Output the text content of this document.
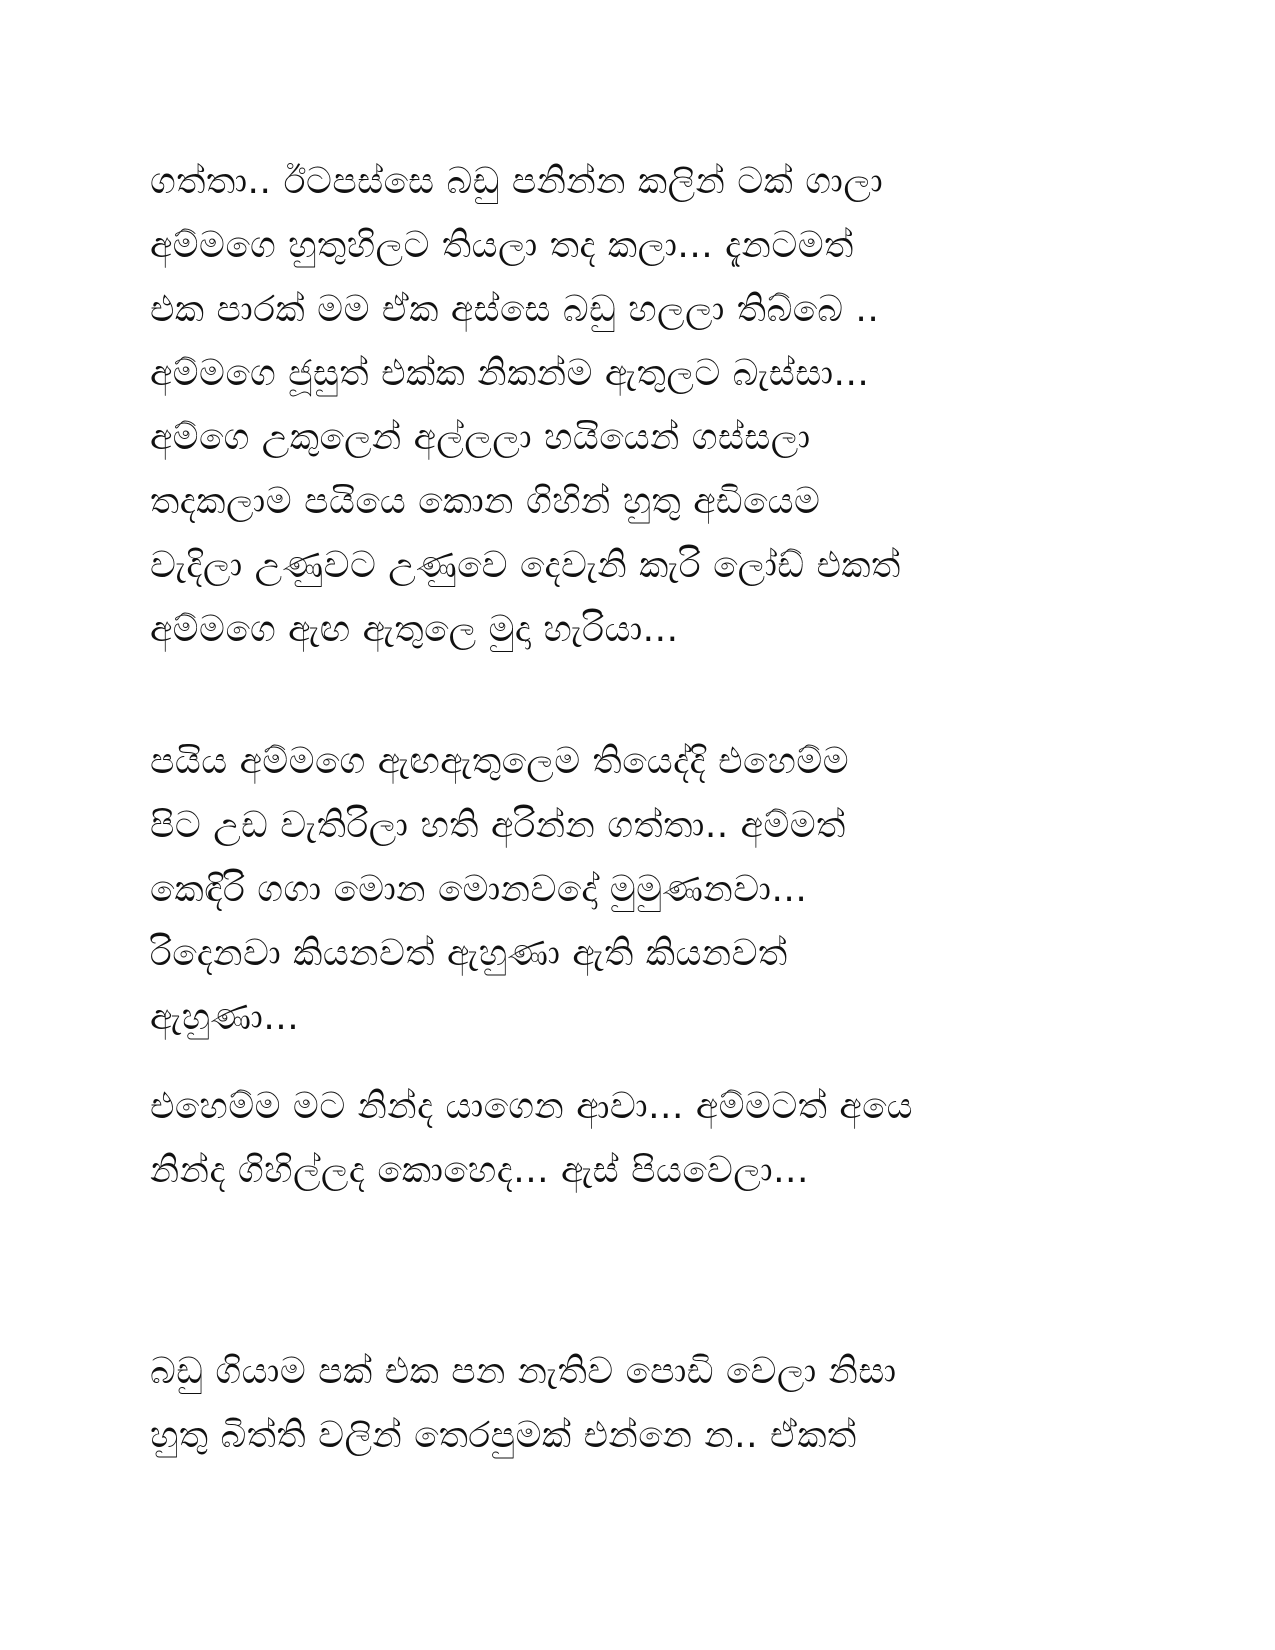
ගත්තා.. ඊටපස්සෙ බඩු පනින්න කලින් ටක් ගාලා
අම්මගෙ හුතුහිලට තියලා තද කලා... දැනටමත්
එක පාරක් මම ඒක අස්සෙ බඩු හලලා තිබ්බෙ ..
අම්මගෙ ජූසුත් එක්ක නිකන්ම ඇතුලට බැස්සා...
අම්ගෙ උකුලෙන් අල්ලලා හයියෙන් ගස්සලා
තදකලාම පයියෙ කොන ගිහින් හුතු අඩියෙම
වැදිලා උණුවට උණුවෙ දෙවැනි කැරි ලෝඩ් එකත්
අම්මගෙ ඇඟ ඇතුලෙ මුදා හැරියා...
පයිය අම්මගෙ ඇඟඇතුලෙම තියෙද්දි එහෙම්ම
පිට උඩ වැතිරිලා හති අරින්න ගත්තා.. අම්මත්
කෙඳිරි ගගා මොන මොනවදෝ මුමුණනවා...
රිදෙනවා කියනවත් ඇහුණා ඇති කියනවත්
ඇහුණා...
එහෙම්ම මට නින්ද යාගෙන ආවා... අම්මටත් අයෙ
නින්ද ගිහිල්ලද කොහෙද... ඇස් පියවෙලා...
බඩු ගියාම පක් එක පන නැතිව පොඩි වෙලා නිසා
හුතු බිත්ති වලින් තෙරපුමක් එන්නෙ න.. ඒකත්
